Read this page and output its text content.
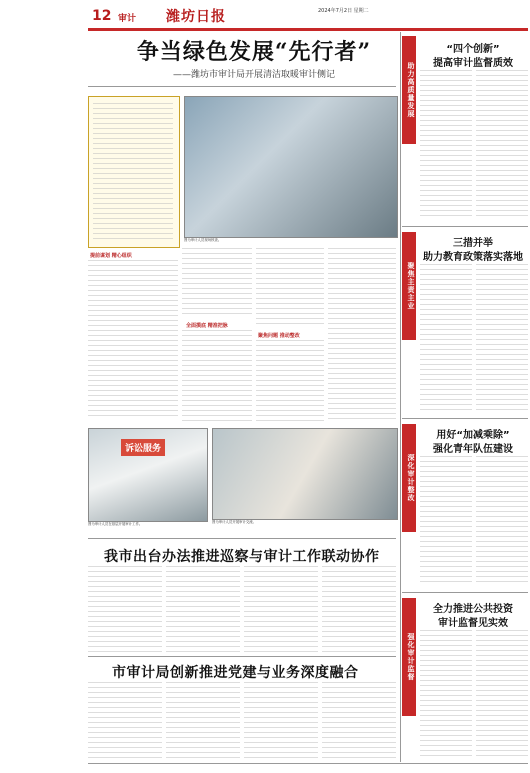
12 审计 潍坊日报	2024年7月2日 星期二
争当绿色发展“先行者”
——潍坊市审计局开展清洁取暖审计侧记
图为审计人员现场核查。
提前谋划 精心组织
全面摸底 精准把脉
聚焦问题 推动整改
诉讼服务
图为审计人员在基层开展审计工作。	图为审计人员开展审计交流。
我市出台办法推进巡察与审计工作联动协作
市审计局创新推进党建与业务深度融合
助力高质量发展
“四个创新”
提高审计监督质效
聚焦主责主业
三措并举
助力教育政策落实落地
深化审计整改
用好“加减乘除”
强化青年队伍建设
强化审计监督
全力推进公共投资
审计监督见实效
